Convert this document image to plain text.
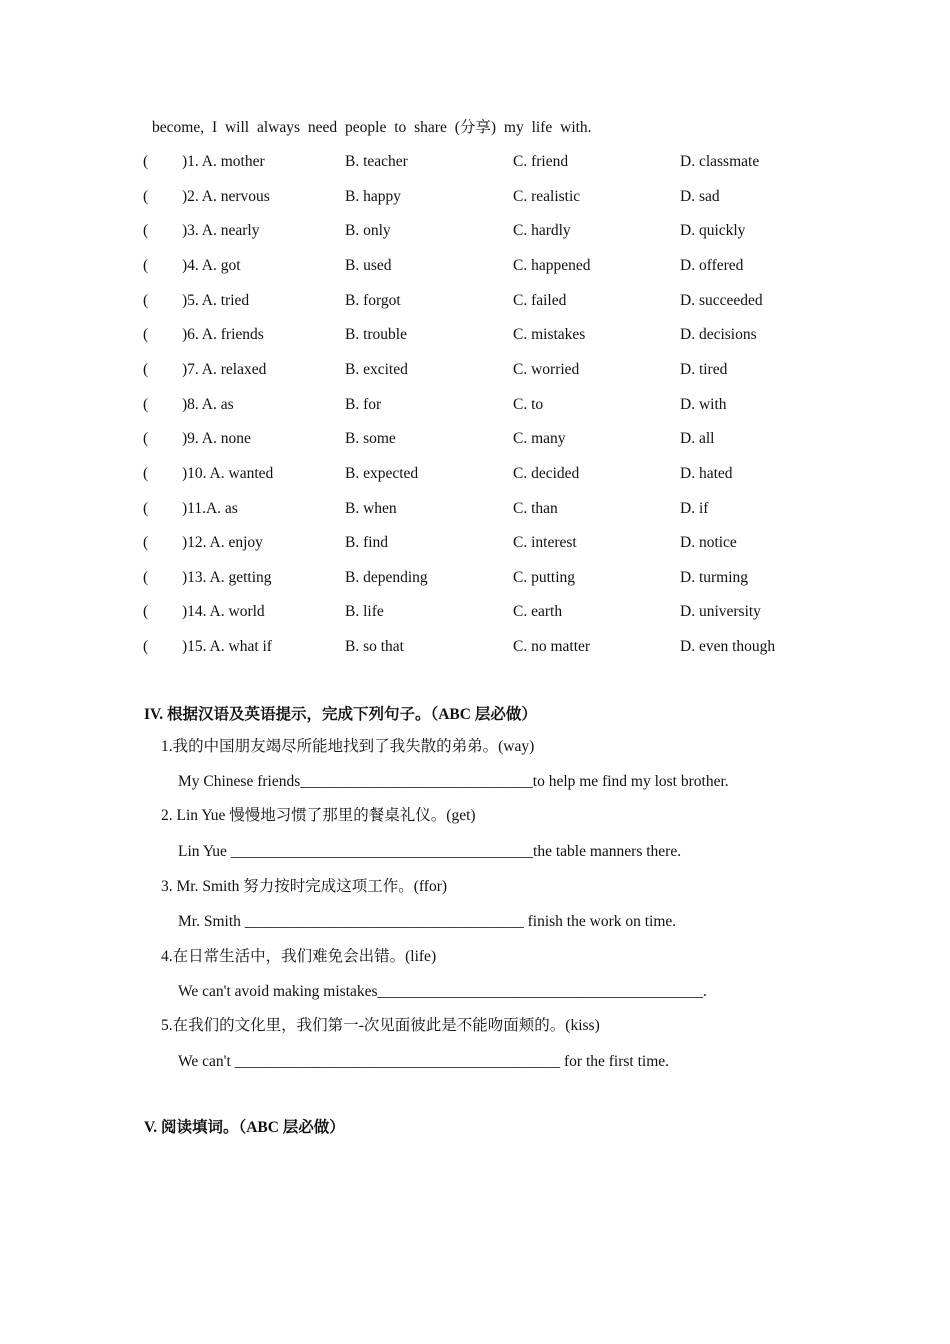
become, I will always need people to share (分享) my life with.
( )1. A. mother	B. teacher	C. friend	D. classmate
( )2. A. nervous	B. happy	C. realistic	D. sad
( )3. A. nearly	B. only	C. hardly	D. quickly
( )4. A. got	B. used	C. happened	D. offered
( )5. A. tried	B. forgot	C. failed	D. succeeded
( )6. A. friends	B. trouble	C. mistakes	D. decisions
( )7. A. relaxed	B. excited	C. worried	D. tired
( )8. A. as	B. for	C. to	D. with
( )9. A. none	B. some	C. many	D. all
( )10. A. wanted	B. expected	C. decided	D. hated
( )11.A. as	B. when	C. than	D. if
( )12. A. enjoy	B. find	C. interest	D. notice
( )13. A. getting	B. depending	C. putting	D. turming
( )14. A. world	B. life	C. earth	D. university
( )15. A. what if	B. so that	C. no matter	D. even though
IV. 根据汉语及英语提示，完成下列句子。（ABC 层必做）
1.我的中国朋友竭尽所能地找到了我失散的弟弟。(way)
My Chinese friends______________________________to help me find my lost brother.
2. Lin Yue 慢慢地习惯了那里的餐桌礼仪。(get)
Lin Yue _______________________________________the table manners there.
3. Mr. Smith 努力按时完成这项工作。(ffor)
Mr. Smith ____________________________________ finish the work on time.
4.在日常生活中，我们难免会出错。(life)
We can't avoid making mistakes__________________________________________.
5.在我们的文化里，我们第一-次见面彼此是不能吻面颊的。(kiss)
We can't __________________________________________ for the first time.
V. 阅读填词。（ABC 层必做）
